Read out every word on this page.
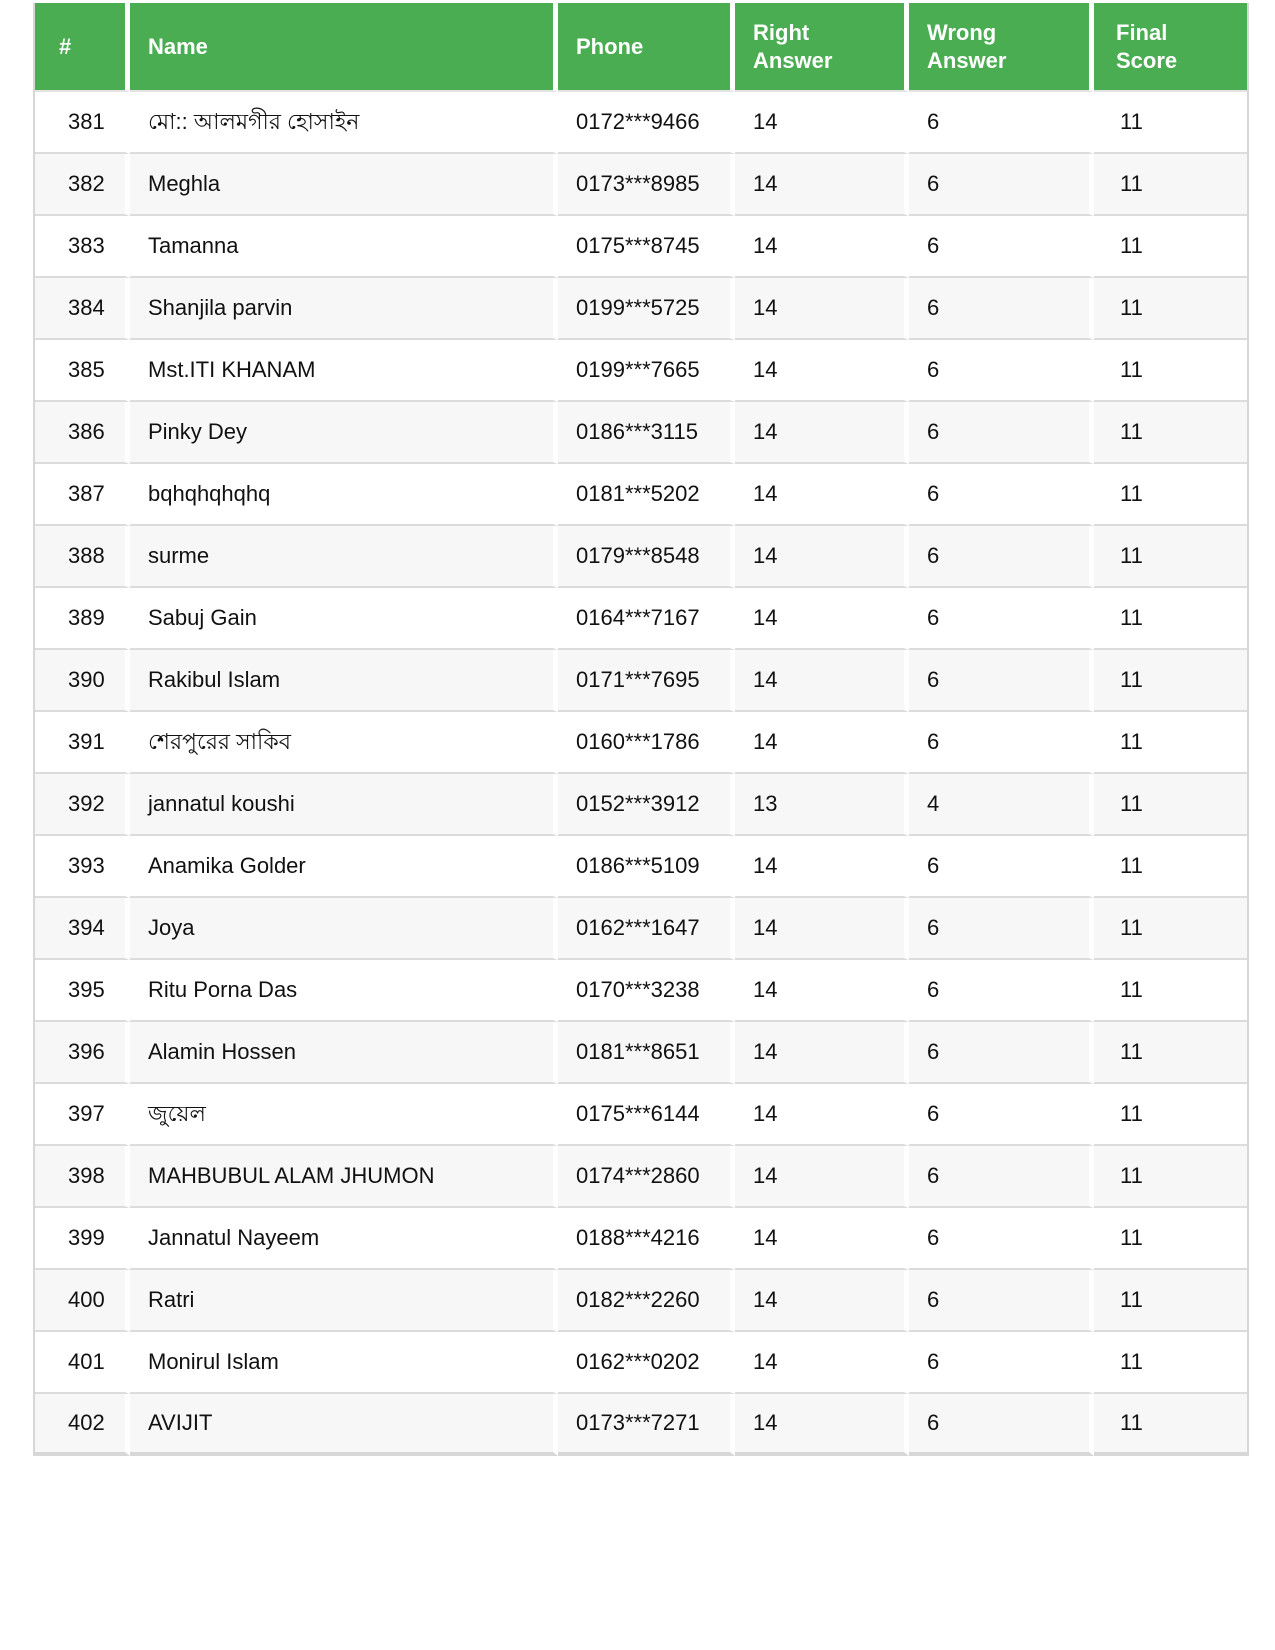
#	Name	Phone	Right Answer	Wrong Answer	Final Score
381	মো:: আলমগীর হোসাইন	0172***9466	14	6	11
382	Meghla	0173***8985	14	6	11
383	Tamanna	0175***8745	14	6	11
384	Shanjila parvin	0199***5725	14	6	11
385	Mst.ITI KHANAM	0199***7665	14	6	11
386	Pinky Dey	0186***3115	14	6	11
387	bqhqhqhqhq	0181***5202	14	6	11
388	surme	0179***8548	14	6	11
389	Sabuj Gain	0164***7167	14	6	11
390	Rakibul Islam	0171***7695	14	6	11
391	শেরপুরের সাকিব	0160***1786	14	6	11
392	jannatul koushi	0152***3912	13	4	11
393	Anamika Golder	0186***5109	14	6	11
394	Joya	0162***1647	14	6	11
395	Ritu Porna Das	0170***3238	14	6	11
396	Alamin Hossen	0181***8651	14	6	11
397	জুয়েল	0175***6144	14	6	11
398	MAHBUBUL ALAM JHUMON	0174***2860	14	6	11
399	Jannatul Nayeem	0188***4216	14	6	11
400	Ratri	0182***2260	14	6	11
401	Monirul Islam	0162***0202	14	6	11
402	AVIJIT	0173***7271	14	6	11
